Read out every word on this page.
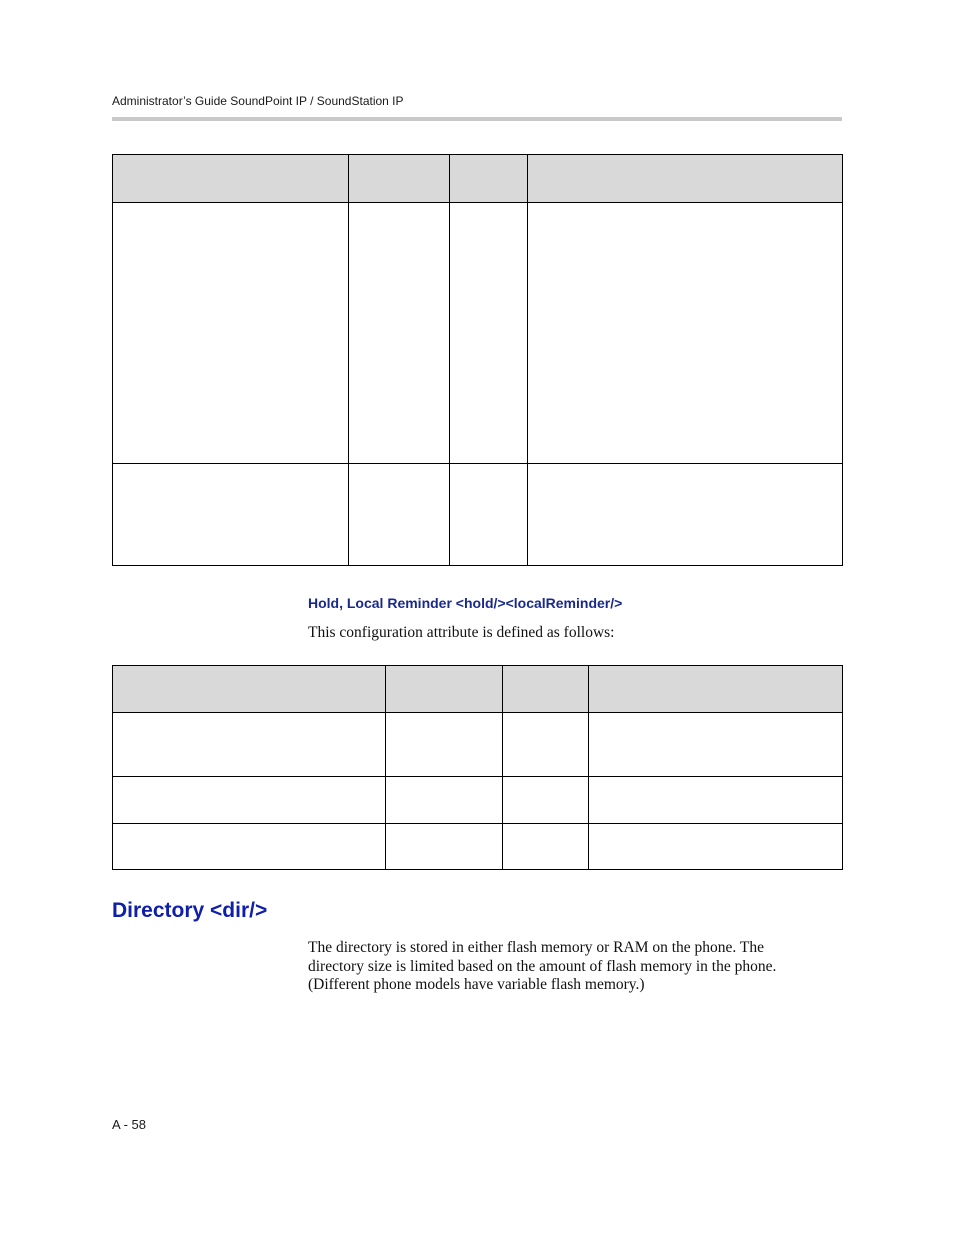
Administrator’s Guide SoundPoint IP / SoundStation IP

Hold, Local Reminder <hold/><localReminder/>
This configuration attribute is defined as follows:

Directory <dir/>

The directory is stored in either flash memory or RAM on the phone. The
directory size is limited based on the amount of flash memory in the phone.
(Different phone models have variable flash memory.)

A - 58
